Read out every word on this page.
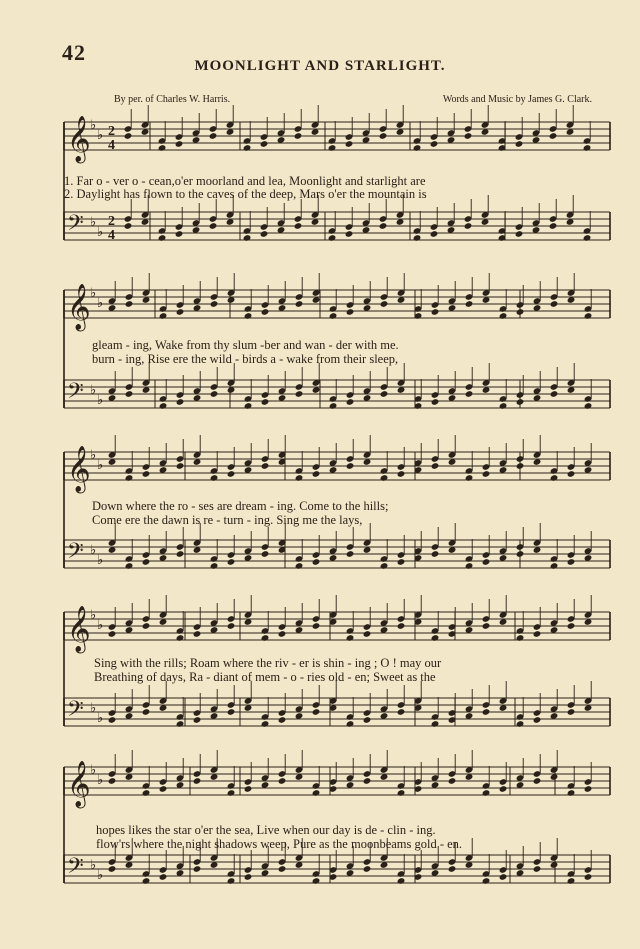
42
MOONLIGHT AND STARLIGHT.
By per. of Charles W. Harris.	Words and Music by James G. Clark.
𝄞 ♭
♭ 2
4
𝄢 ♭
♭
2
4
𝄞 ♭
♭
𝄢 ♭
♭
𝄞 ♭
♭
𝄢 ♭
♭
𝄞 ♭
♭
𝄢 ♭
♭
𝄞 ♭
♭
𝄢 ♭
♭
1. Far o - ver o - cean,o'er moorland and lea, Moonlight and starlight are
2. Daylight has flown to the caves of the deep, Mars o'er the mountain is
gleam - ing, Wake from thy slum -ber and wan - der with me.
burn - ing, Rise ere the wild - birds a - wake from their sleep,
Down where the ro - ses are dream - ing. Come to the hills;
Come ere the dawn is re - turn - ing. Sing me the lays,
Sing with the rills; Roam where the riv - er is shin - ing ; O ! may our
Breathing of days, Ra - diant of mem - o - ries old - en; Sweet as the
hopes likes the star o'er the sea, Live when our day is de - clin - ing.
flow'rs where the night shadows weep, Pure as the moonbeams gold - en.
